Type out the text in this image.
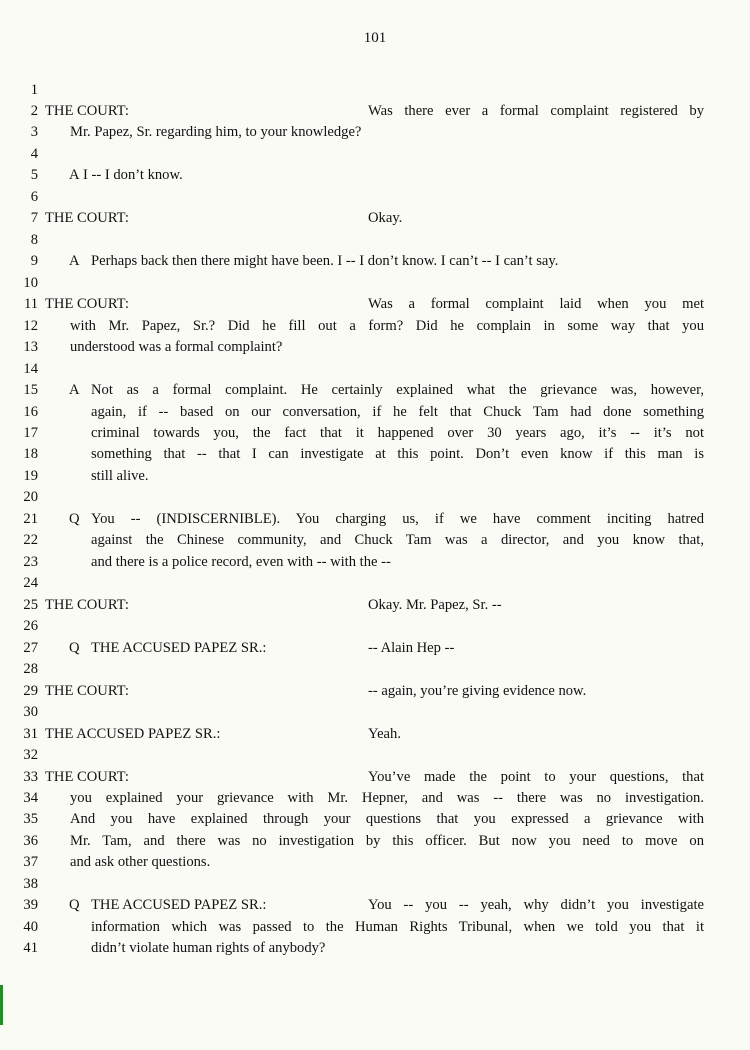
101
1
2 THE COURT:	Was there ever a formal complaint registered by
3 Mr. Papez, Sr. regarding him, to your knowledge?
4
5 A I -- I don’t know.
6
7 THE COURT:	Okay.
8
9 A Perhaps back then there might have been. I -- I don’t know. I can’t -- I can’t say.
10
11 THE COURT:	Was a formal complaint laid when you met
12 with Mr. Papez, Sr.? Did he fill out a form? Did he complain in some way that you
13 understood was a formal complaint?
14
15 A Not as a formal complaint. He certainly explained what the grievance was, however,
16	again, if -- based on our conversation, if he felt that Chuck Tam had done something
17	criminal towards you, the fact that it happened over 30 years ago, it’s -- it’s not
18	something that -- that I can investigate at this point. Don’t even know if this man is
19	still alive.
20
21 Q You -- (INDISCERNIBLE). You charging us, if we have comment inciting hatred
22	against the Chinese community, and Chuck Tam was a director, and you know that,
23	and there is a police record, even with -- with the --
24
25 THE COURT:	Okay. Mr. Papez, Sr. --
26
27 Q THE ACCUSED PAPEZ SR.:	-- Alain Hep --
28
29 THE COURT:	-- again, you’re giving evidence now.
30
31 THE ACCUSED PAPEZ SR.:	Yeah.
32
33 THE COURT:	You’ve made the point to your questions, that
34 you explained your grievance with Mr. Hepner, and was -- there was no investigation.
35 And you have explained through your questions that you expressed a grievance with
36 Mr. Tam, and there was no investigation by this officer. But now you need to move on
37 and ask other questions.
38
39 Q THE ACCUSED PAPEZ SR.:	You -- you -- yeah, why didn’t you investigate
40	information which was passed to the Human Rights Tribunal, when we told you that it
41	didn’t violate human rights of anybody?
